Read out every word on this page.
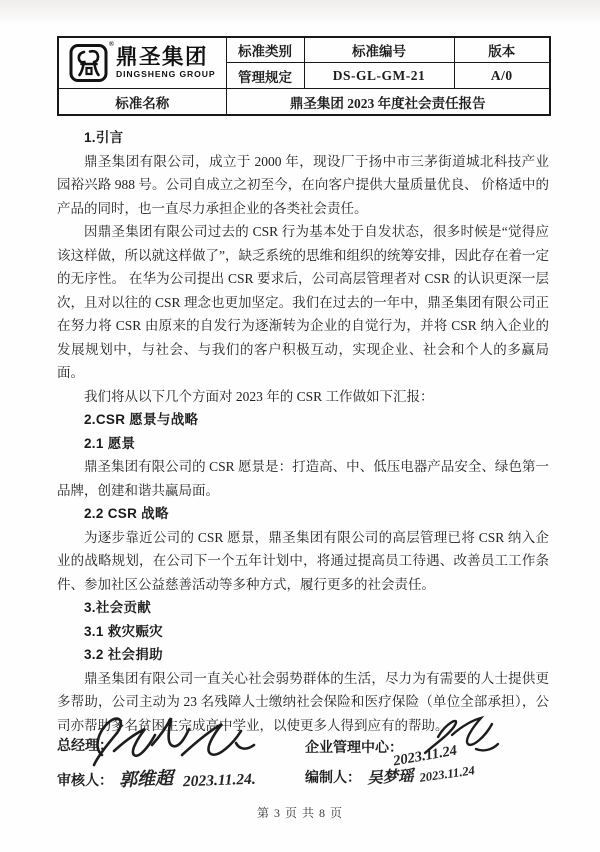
®
鼎圣集团
DINGSHENG GROUP	标准类别	标准编号	版本
	管理规定	DS-GL-GM-21	A/0
标准名称	鼎圣集团 2023 年度社会责任报告		

1.引言

鼎圣集团有限公司，成立于 2000 年，现设厂于扬中市三茅街道城北科技产业园裕兴路 988 号。公司自成立之初至今，在向客户提供大量质量优良、 价格适中的产品的同时，也一直尽力承担企业的各类社会责任。

因鼎圣集团有限公司过去的 CSR 行为基本处于自发状态，很多时候是“觉得应该这样做，所以就这样做了”，缺乏系统的思维和组织的统筹安排，因此存在着一定的无序性。 在华为公司提出 CSR 要求后，公司高层管理者对 CSR 的认识更深一层次，且对以往的 CSR 理念也更加坚定。我们在过去的一年中，鼎圣集团有限公司正在努力将 CSR 由原来的自发行为逐渐转为企业的自觉行为，并将 CSR 纳入企业的发展规划中，与社会、与我们的客户积极互动，实现企业、社会和个人的多赢局面。

我们将从以下几个方面对 2023 年的 CSR 工作做如下汇报：

2.CSR 愿景与战略

2.1 愿景

鼎圣集团有限公司的 CSR 愿景是：打造高、中、低压电器产品安全、绿色第一品牌，创建和谐共赢局面。

2.2 CSR 战略

为逐步靠近公司的 CSR 愿景，鼎圣集团有限公司的高层管理已将 CSR 纳入企业的战略规划，在公司下一个五年计划中，将通过提高员工待遇、改善员工工作条件、参加社区公益慈善活动等多种方式，履行更多的社会责任。

3.社会贡献

3.1 救灾赈灾

3.2 社会捐助

鼎圣集团有限公司一直关心社会弱势群体的生活，尽力为有需要的人士提供更多帮助，公司主动为 23 名残障人士缴纳社会保险和医疗保险（单位全部承担），公司亦帮助多名贫困生完成高中学业，以使更多人得到应有的帮助。

总经理：	企业管理中心：
2023.11.24
审核人： 郭维超 2023.11.24.	编制人： 吴梦瑶 2023.11.24
第 3 页 共 8 页
